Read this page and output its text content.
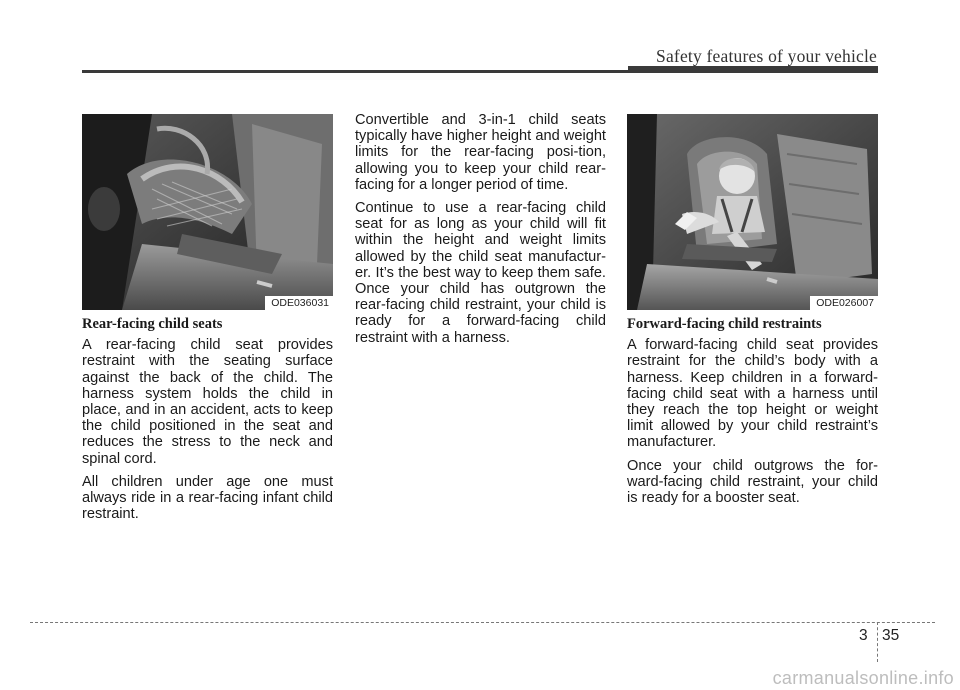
Safety features of your vehicle
ODE036031	ODE026007
Rear-facing child seats

A rear-facing child seat provides restraint with the seating surface against the back of the child. The harness system holds the child in place, and in an accident, acts to keep the child positioned in the seat and reduces the stress to the neck and spinal cord.

All children under age one must always ride in a rear-facing infant child restraint.

Convertible and 3-in-1 child seats typically have higher height and weight limits for the rear-facing posi-tion, allowing you to keep your child rear-facing for a longer period of time.

Continue to use a rear-facing child seat for as long as your child will fit within the height and weight limits allowed by the child seat manufactur-er. It’s the best way to keep them safe. Once your child has outgrown the rear-facing child restraint, your child is ready for a forward-facing child restraint with a harness.

Forward-facing child restraints

A forward-facing child seat provides restraint for the child’s body with a harness. Keep children in a forward-facing child seat with a harness until they reach the top height or weight limit allowed by your child restraint’s manufacturer.

Once your child outgrows the for-ward-facing child restraint, your child is ready for a booster seat.

3 35
carmanualsonline.info
